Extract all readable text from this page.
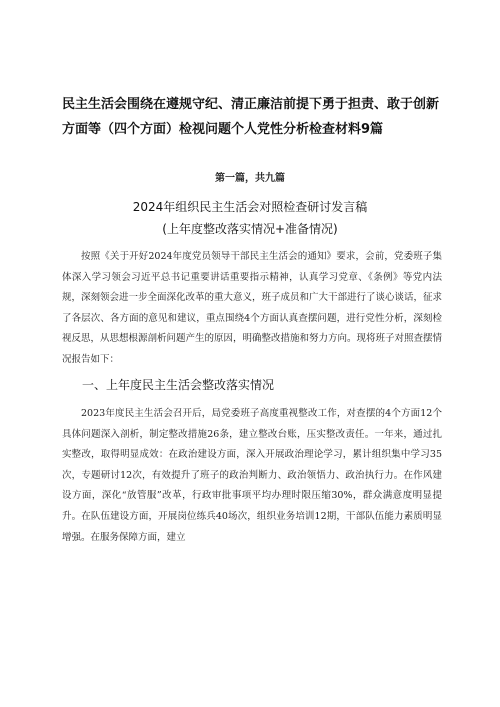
民主生活会围绕在遵规守纪、清正廉洁前提下勇于担责、敢于创新方面等（四个方面）检视问题个人党性分析检查材料9篇
第一篇，共九篇
2024年组织民主生活会对照检查研讨发言稿
(上年度整改落实情况+准备情况)
按照《关于开好2024年度党员领导干部民主生活会的通知》要求，会前，党委班子集体深入学习领会习近平总书记重要讲话重要指示精神，认真学习党章、《条例》等党内法规，深刻领会进一步全面深化改革的重大意义，班子成员和广大干部进行了谈心谈话，征求了各层次、各方面的意见和建议，重点围绕4个方面认真查摆问题，进行党性分析，深刻检视反思，从思想根源剖析问题产生的原因，明确整改措施和努力方向。现将班子对照查摆情况报告如下：
一、上年度民主生活会整改落实情况
2023年度民主生活会召开后，局党委班子高度重视整改工作，对查摆的4个方面12个具体问题深入剖析，制定整改措施26条，建立整改台账，压实整改责任。一年来，通过扎实整改，取得明显成效：在政治建设方面，深入开展政治理论学习，累计组织集中学习35次，专题研讨12次，有效提升了班子的政治判断力、政治领悟力、政治执行力。在作风建设方面，深化“放管服”改革，行政审批事项平均办理时限压缩30%，群众满意度明显提升。在队伍建设方面，开展岗位练兵40场次，组织业务培训12期，干部队伍能力素质明显增强。在服务保障方面，建立
